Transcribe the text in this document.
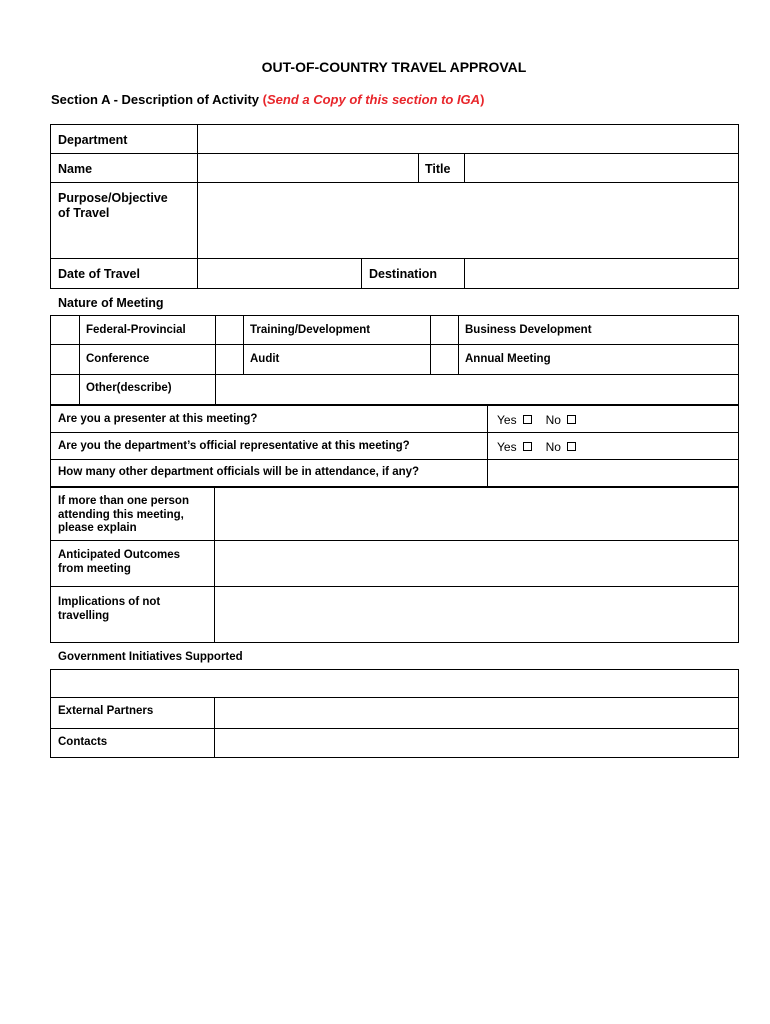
OUT-OF-COUNTRY TRAVEL APPROVAL
Section A - Description of Activity (Send a Copy of this section to IGA)
Department
Name	Title
Purpose/Objective
of Travel
Date of Travel	Destination
Nature of Meeting
Federal-Provincial	Training/Development	Business Development
Conference	Audit	Annual Meeting
Other(describe)
Are you a presenter at this meeting?	Yes No
Are you the department’s official representative at this meeting?	Yes No
How many other department officials will be in attendance, if any?
If more than one person
attending this meeting,
please explain
Anticipated Outcomes
from meeting
Implications of not
travelling
Government Initiatives Supported
External Partners
Contacts
